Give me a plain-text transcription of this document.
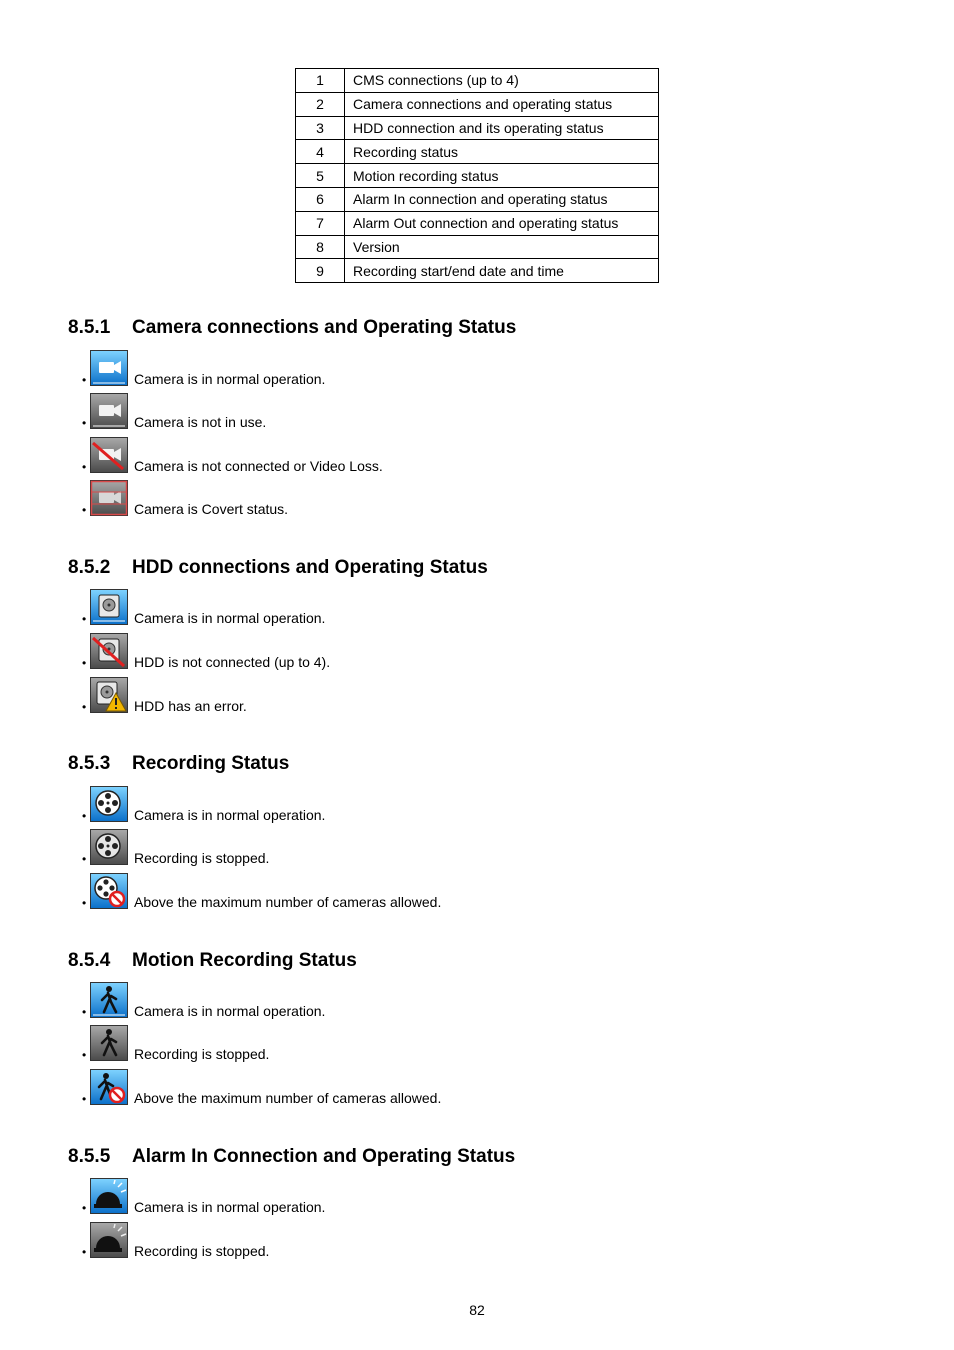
1	CMS connections (up to 4)
2	Camera connections and operating status
3	HDD connection and its operating status
4	Recording status
5	Motion recording status
6	Alarm In connection and operating status
7	Alarm Out connection and operating status
8	Version
9	Recording start/end date and time
8.5.1 Camera connections and Operating Status
•	Camera is in normal operation.
•	Camera is not in use.
•	Camera is not connected or Video Loss.
•	Camera is Covert status.
8.5.2 HDD connections and Operating Status
•	Camera is in normal operation.
•	HDD is not connected (up to 4).
•	HDD has an error.
8.5.3 Recording Status
•	Camera is in normal operation.
•	Recording is stopped.
•	Above the maximum number of cameras allowed.
8.5.4 Motion Recording Status
•	Camera is in normal operation.
•	Recording is stopped.
•	Above the maximum number of cameras allowed.
8.5.5 Alarm In Connection and Operating Status
•	Camera is in normal operation.
•	Recording is stopped.
82
